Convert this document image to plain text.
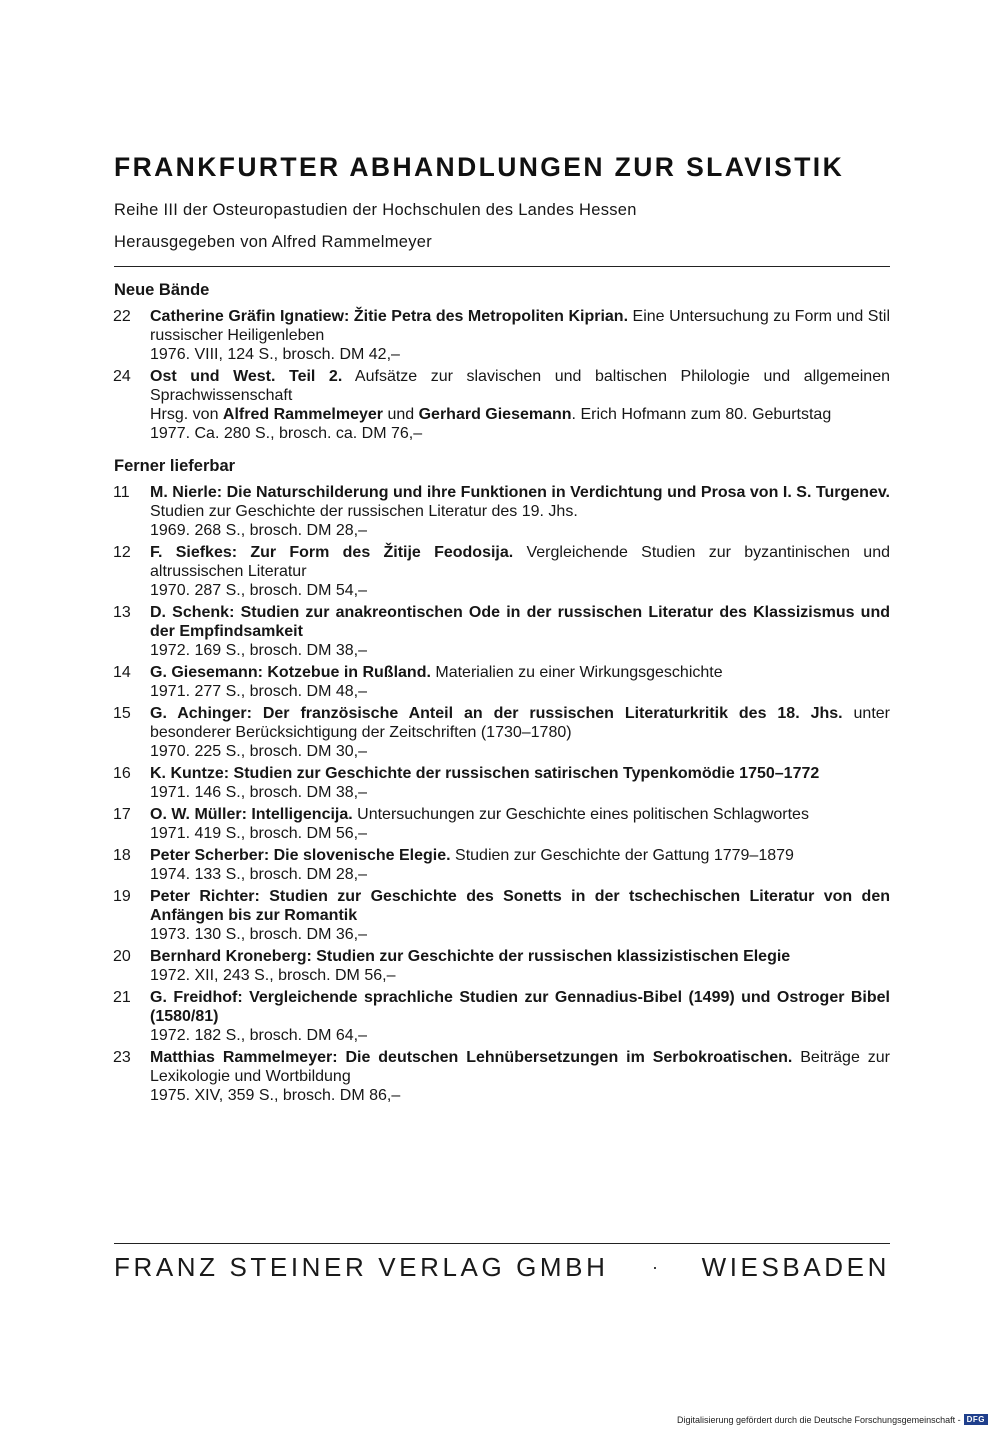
FRANKFURTER ABHANDLUNGEN ZUR SLAVISTIK
Reihe III der Osteuropastudien der Hochschulen des Landes Hessen
Herausgegeben von Alfred Rammelmeyer
Neue Bände
22	Catherine Gräfin Ignatiew: Žitie Petra des Metropoliten Kiprian. Eine Untersuchung zu Form und Stil russischer Heiligenleben
1976. VIII, 124 S., brosch. DM 42,–
24	Ost und West. Teil 2. Aufsätze zur slavischen und baltischen Philologie und allgemeinen Sprachwissenschaft
Hrsg. von Alfred Rammelmeyer und Gerhard Giesemann. Erich Hofmann zum 80. Geburtstag
1977. Ca. 280 S., brosch. ca. DM 76,–
Ferner lieferbar
11	M. Nierle: Die Naturschilderung und ihre Funktionen in Verdichtung und Prosa von I. S. Turgenev. Studien zur Geschichte der russischen Literatur des 19. Jhs.
1969. 268 S., brosch. DM 28,–
12	F. Siefkes: Zur Form des Žitije Feodosija. Vergleichende Studien zur byzantinischen und altrussischen Literatur
1970. 287 S., brosch. DM 54,–
13	D. Schenk: Studien zur anakreontischen Ode in der russischen Literatur des Klassizismus und der Empfindsamkeit
1972. 169 S., brosch. DM 38,–
14	G. Giesemann: Kotzebue in Rußland. Materialien zu einer Wirkungsgeschichte
1971. 277 S., brosch. DM 48,–
15	G. Achinger: Der französische Anteil an der russischen Literaturkritik des 18. Jhs. unter besonderer Berücksichtigung der Zeitschriften (1730–1780)
1970. 225 S., brosch. DM 30,–
16	K. Kuntze: Studien zur Geschichte der russischen satirischen Typenkomödie 1750–1772
1971. 146 S., brosch. DM 38,–
17	O. W. Müller: Intelligencija. Untersuchungen zur Geschichte eines politischen Schlagwortes
1971. 419 S., brosch. DM 56,–
18	Peter Scherber: Die slovenische Elegie. Studien zur Geschichte der Gattung 1779–1879
1974. 133 S., brosch. DM 28,–
19	Peter Richter: Studien zur Geschichte des Sonetts in der tschechischen Literatur von den Anfängen bis zur Romantik
1973. 130 S., brosch. DM 36,–
20	Bernhard Kroneberg: Studien zur Geschichte der russischen klassizistischen Elegie
1972. XII, 243 S., brosch. DM 56,–
21	G. Freidhof: Vergleichende sprachliche Studien zur Gennadius-Bibel (1499) und Ostroger Bibel (1580/81)
1972. 182 S., brosch. DM 64,–
23	Matthias Rammelmeyer: Die deutschen Lehnübersetzungen im Serbokroatischen. Beiträge zur Lexikologie und Wortbildung
1975. XIV, 359 S., brosch. DM 86,–
FRANZ STEINER VERLAG GMBH · WIESBADEN
Digitalisierung gefördert durch die Deutsche Forschungsgemeinschaft - DFG
